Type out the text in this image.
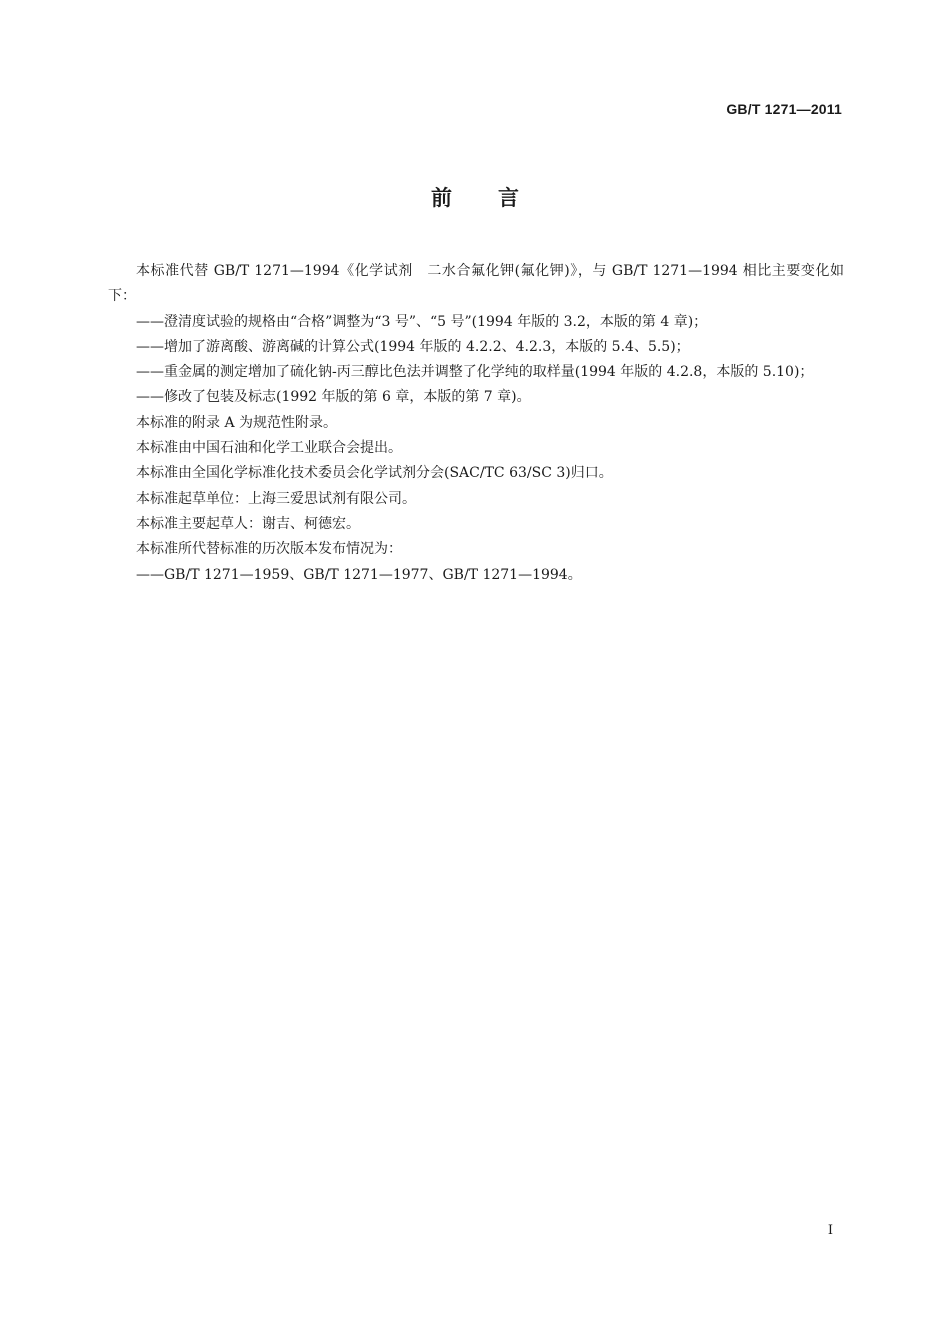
GB/T 1271—2011
前 言

本标准代替 GB/T 1271—1994《化学试剂　二水合氟化钾(氟化钾)》，与 GB/T 1271—1994 相比主要变化如下：

——澄清度试验的规格由“合格”调整为“3 号”、“5 号”(1994 年版的 3.2，本版的第 4 章)；

——增加了游离酸、游离碱的计算公式(1994 年版的 4.2.2、4.2.3，本版的 5.4、5.5)；

——重金属的测定增加了硫化钠-丙三醇比色法并调整了化学纯的取样量(1994 年版的 4.2.8，本版的 5.10)；

——修改了包装及标志(1992 年版的第 6 章，本版的第 7 章)。

本标准的附录 A 为规范性附录。

本标准由中国石油和化学工业联合会提出。

本标准由全国化学标准化技术委员会化学试剂分会(SAC/TC 63/SC 3)归口。

本标准起草单位：上海三爱思试剂有限公司。

本标准主要起草人：谢吉、柯德宏。

本标准所代替标准的历次版本发布情况为：

——GB/T 1271—1959、GB/T 1271—1977、GB/T 1271—1994。

I
